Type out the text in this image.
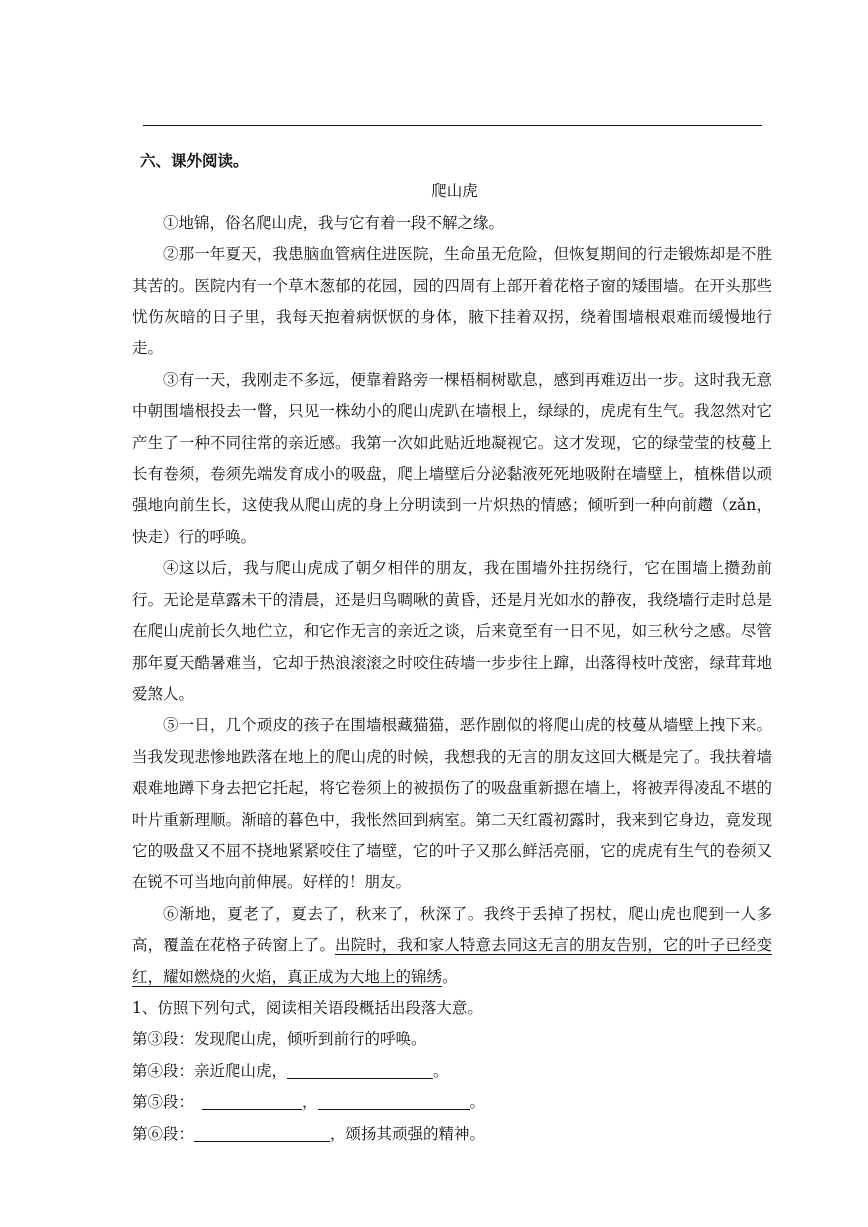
六、课外阅读。

爬山虎

①地锦，俗名爬山虎，我与它有着一段不解之缘。

②那一年夏天，我患脑血管病住进医院，生命虽无危险，但恢复期间的行走锻炼却是不胜其苦的。医院内有一个草木葱郁的花园，园的四周有上部开着花格子窗的矮围墙。在开头那些忧伤灰暗的日子里，我每天抱着病恹恹的身体，腋下挂着双拐，绕着围墙根艰难而缓慢地行走。

③有一天，我刚走不多远，便靠着路旁一棵梧桐树歇息，感到再难迈出一步。这时我无意中朝围墙根投去一瞥，只见一株幼小的爬山虎趴在墙根上，绿绿的，虎虎有生气。我忽然对它产生了一种不同往常的亲近感。我第一次如此贴近地凝视它。这才发现，它的绿莹莹的枝蔓上长有卷须，卷须先端发育成小的吸盘，爬上墙壁后分泌黏液死死地吸附在墙壁上，植株借以顽强地向前生长，这使我从爬山虎的身上分明读到一片炽热的情感；倾听到一种向前趱（zǎn，快走）行的呼唤。

④这以后，我与爬山虎成了朝夕相伴的朋友，我在围墙外拄拐绕行，它在围墙上攒劲前行。无论是草露未干的清晨，还是归鸟啁啾的黄昏，还是月光如水的静夜，我绕墙行走时总是在爬山虎前长久地伫立，和它作无言的亲近之谈，后来竟至有一日不见，如三秋兮之感。尽管那年夏天酷暑难当，它却于热浪滚滚之时咬住砖墙一步步往上蹿，出落得枝叶茂密，绿茸茸地爱煞人。

⑤一日，几个顽皮的孩子在围墙根藏猫猫，恶作剧似的将爬山虎的枝蔓从墙壁上拽下来。当我发现悲惨地跌落在地上的爬山虎的时候，我想我的无言的朋友这回大概是完了。我扶着墙艰难地蹲下身去把它托起，将它卷须上的被损伤了的吸盘重新摁在墙上，将被弄得凌乱不堪的叶片重新理顺。渐暗的暮色中，我怅然回到病室。第二天红霞初露时，我来到它身边，竟发现它的吸盘又不屈不挠地紧紧咬住了墙壁，它的叶子又那么鲜活亮丽，它的虎虎有生气的卷须又在锐不可当地向前伸展。好样的！朋友。

⑥渐地，夏老了，夏去了，秋来了，秋深了。我终于丢掉了拐杖，爬山虎也爬到一人多高，覆盖在花格子砖窗上了。出院时，我和家人特意去同这无言的朋友告别，它的叶子已经变红，耀如燃烧的火焰，真正成为大地上的锦绣。

1、仿照下列句式，阅读相关语段概括出段落大意。

第③段：发现爬山虎，倾听到前行的呼唤。

第④段：亲近爬山虎，	。

第⑤段：	，	。

第⑥段：	，颂扬其顽强的精神。
